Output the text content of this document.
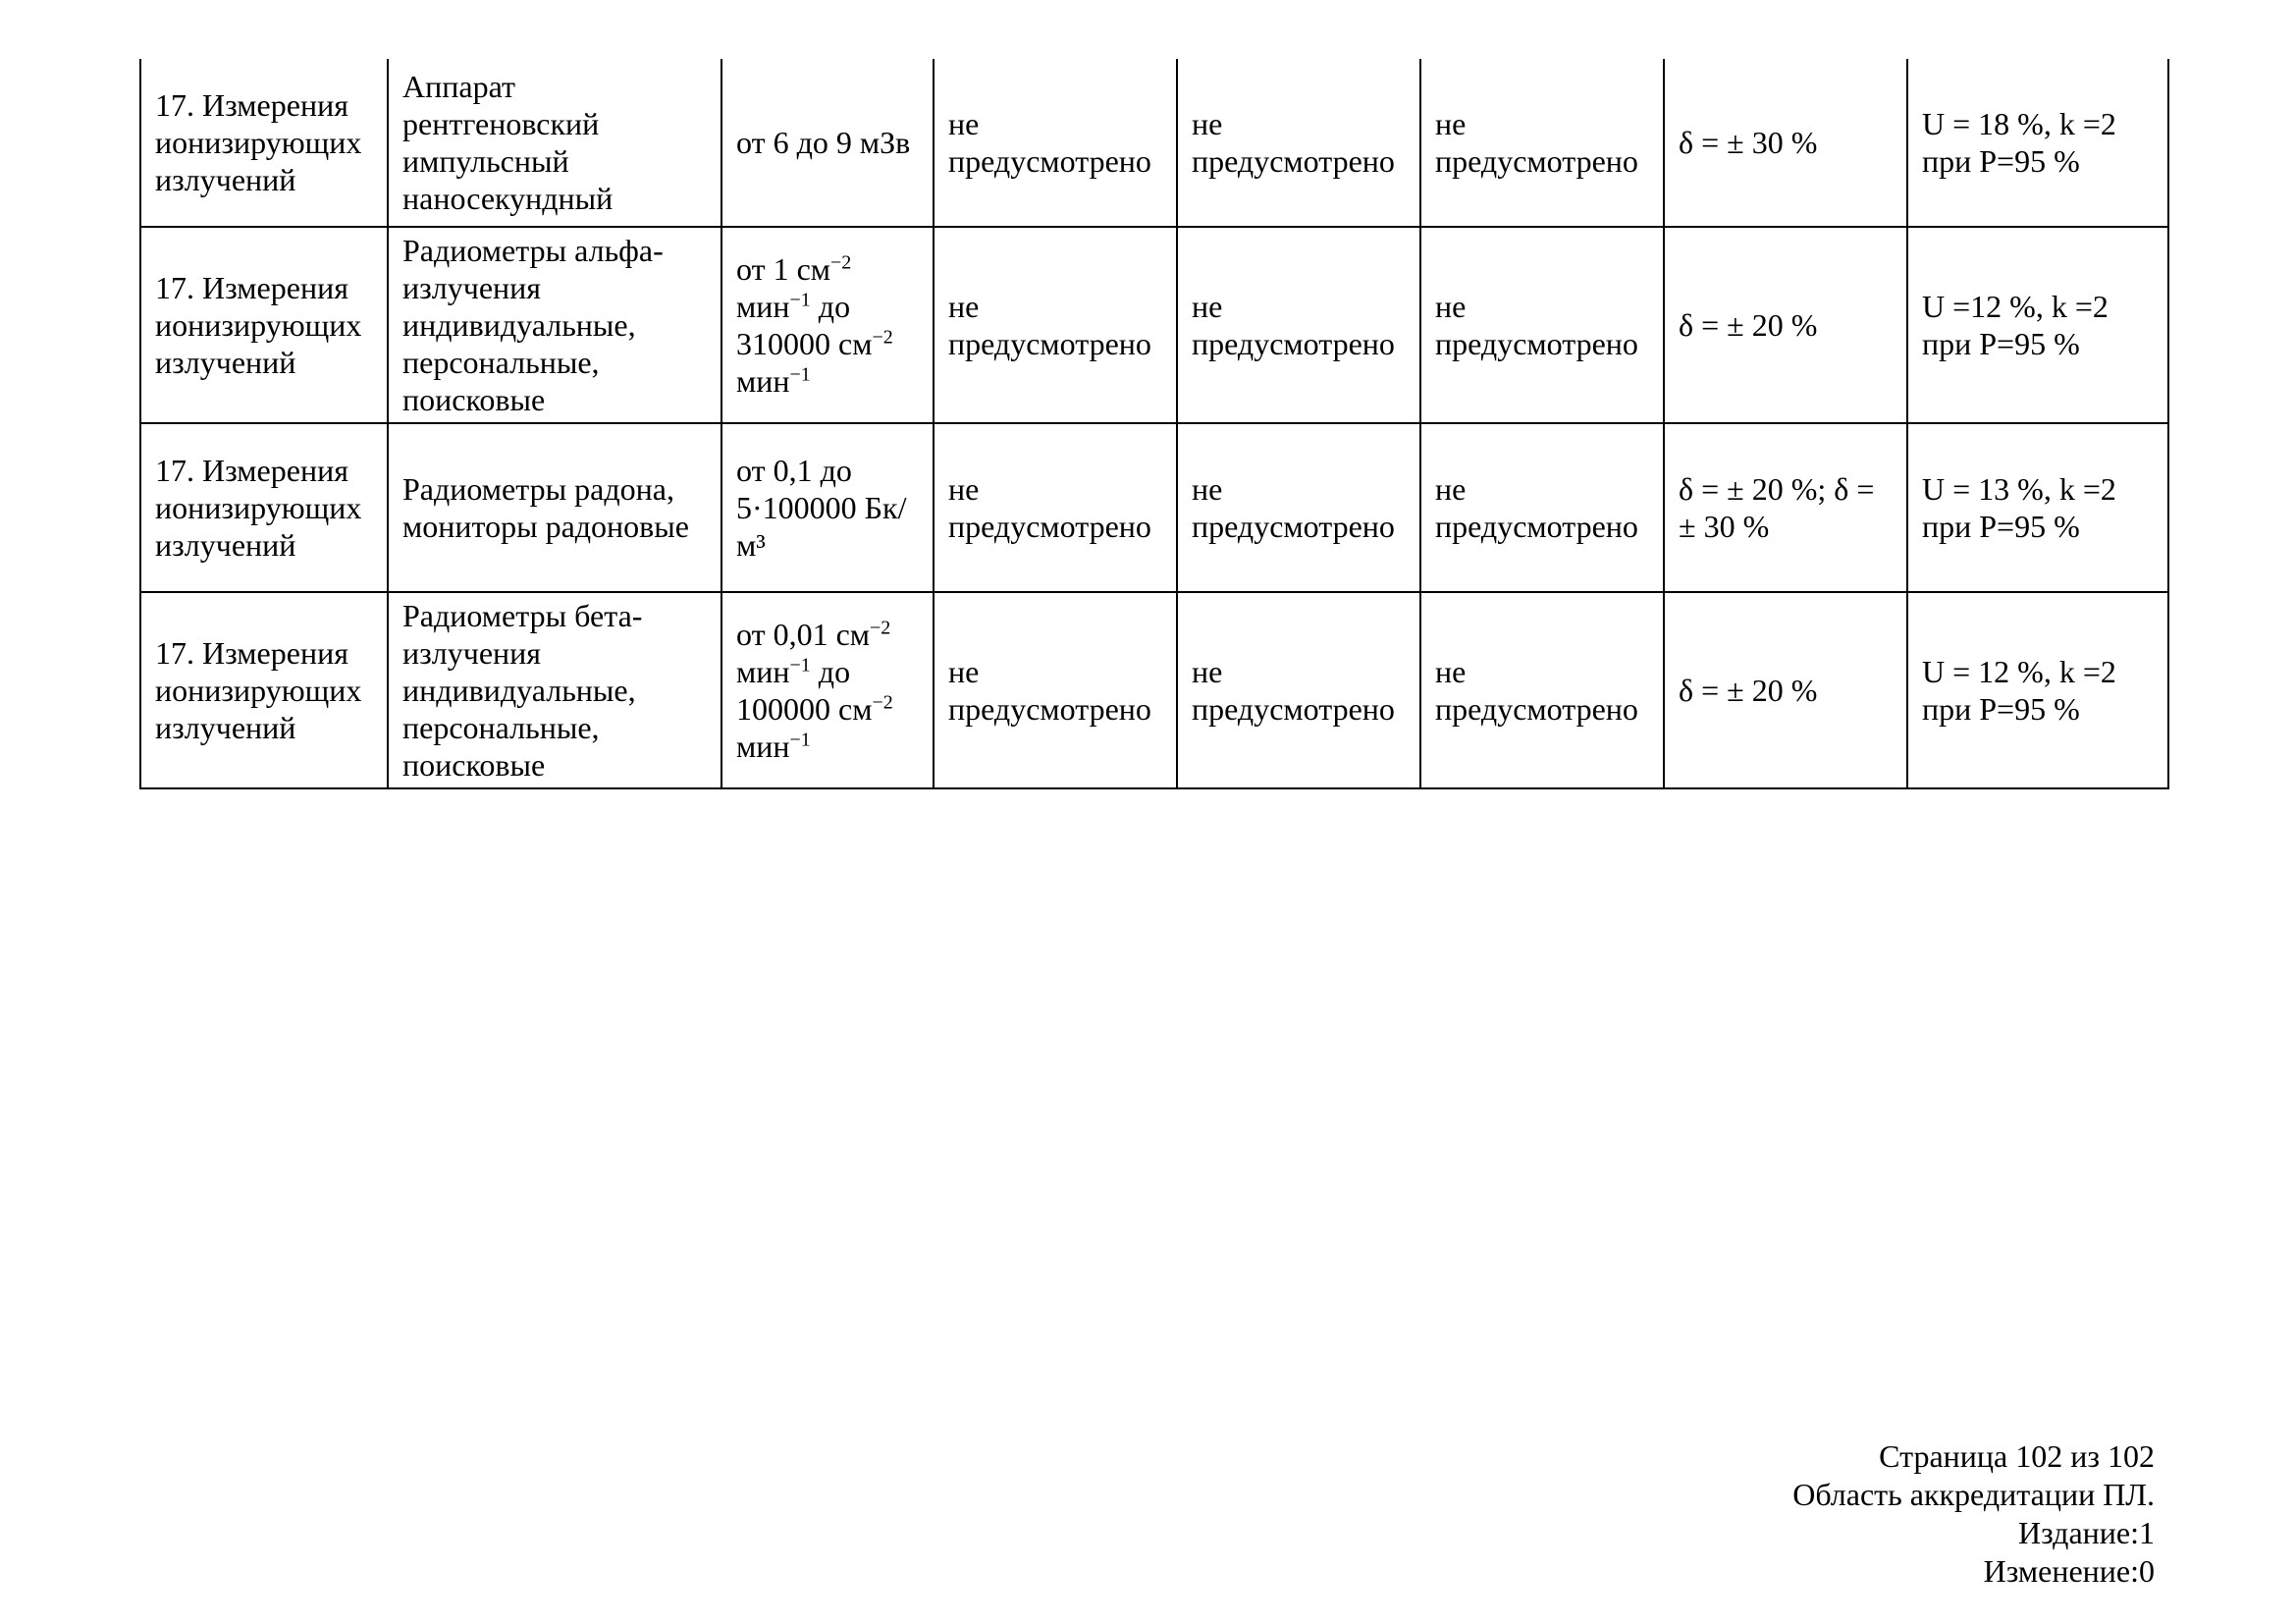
17. Измерения ионизирующих излучений	Аппарат рентгеновский импульсный наносекундный	от 6 до 9 мЗв	не предусмотрено	не предусмотрено	не предусмотрено	δ = ± 30 %	U = 18 %, k =2
при P=95 %

17. Измерения ионизирующих излучений	Радиометры альфа-излучения индивидуальные, персональные, поисковые	от 1 $см^{-2}$ мин$^{-1}$ до 310000 $см^{-2}$ мин$^{-1}$	не предусмотрено	не предусмотрено	не предусмотрено	δ = ± 20 %	U =12 %, k =2
при P=95 %

17. Измерения ионизирующих излучений	Радиометры радона, мониторы радоновые	от 0,1 до 5·100000 Бк/м³	не предусмотрено	не предусмотрено	не предусмотрено	δ = ± 20 %; δ = ± 30 %	U = 13 %, k =2
при P=95 %

17. Измерения ионизирующих излучений	Радиометры бета-излучения индивидуальные, персональные, поисковые	от 0,01 $см^{-2}$ мин$^{-1}$ до 100000 $см^{-2}$ мин$^{-1}$	не предусмотрено	не предусмотрено	не предусмотрено	δ = ± 20 %	U = 12 %, k =2
при P=95 %
Страница 102 из 102
Область аккредитации ПЛ.
Издание:1
Изменение:0
